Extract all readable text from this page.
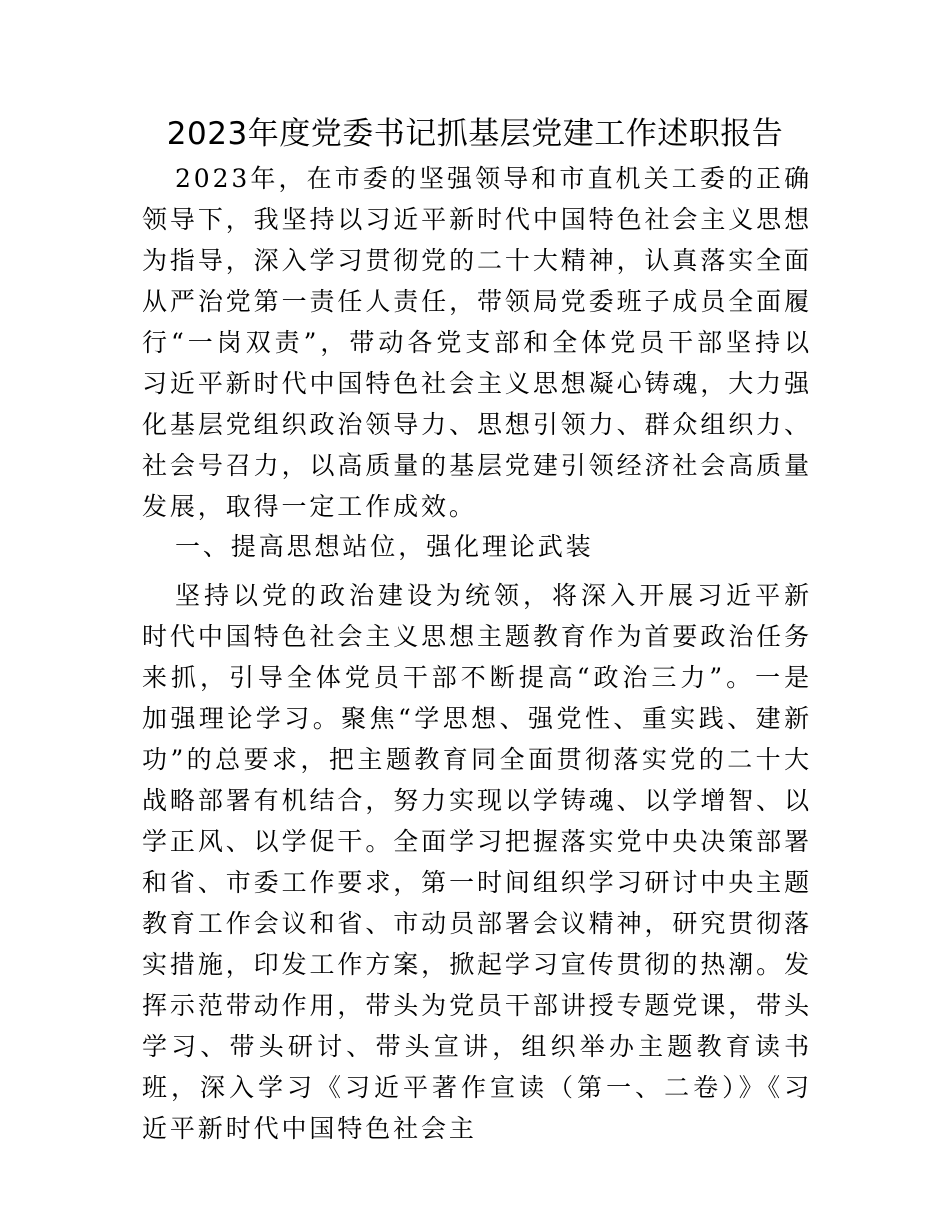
2023年度党委书记抓基层党建工作述职报告

2023年，在市委的坚强领导和市直机关工委的正确领导下，我坚持以习近平新时代中国特色社会主义思想为指导，深入学习贯彻党的二十大精神，认真落实全面从严治党第一责任人责任，带领局党委班子成员全面履行“一岗双责”，带动各党支部和全体党员干部坚持以习近平新时代中国特色社会主义思想凝心铸魂，大力强化基层党组织政治领导力、思想引领力、群众组织力、社会号召力，以高质量的基层党建引领经济社会高质量发展，取得一定工作成效。

一、提高思想站位，强化理论武装

坚持以党的政治建设为统领，将深入开展习近平新时代中国特色社会主义思想主题教育作为首要政治任务来抓，引导全体党员干部不断提高“政治三力”。一是加强理论学习。聚焦“学思想、强党性、重实践、建新功”的总要求，把主题教育同全面贯彻落实党的二十大战略部署有机结合，努力实现以学铸魂、以学增智、以学正风、以学促干。全面学习把握落实党中央决策部署和省、市委工作要求，第一时间组织学习研讨中央主题教育工作会议和省、市动员部署会议精神，研究贯彻落实措施，印发工作方案，掀起学习宣传贯彻的热潮。发挥示范带动作用，带头为党员干部讲授专题党课，带头学习、带头研讨、带头宣讲，组织举办主题教育读书班，深入学习《习近平著作宣读（第一、二卷）》《习近平新时代中国特色社会主
